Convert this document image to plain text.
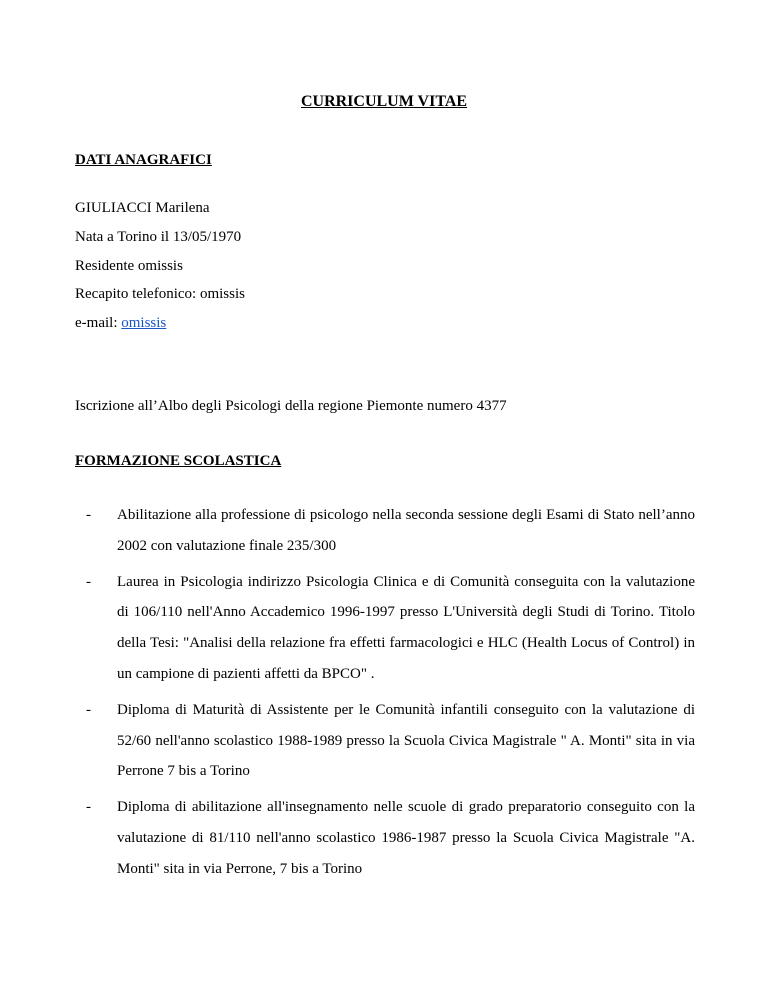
CURRICULUM VITAE
DATI ANAGRAFICI
GIULIACCI Marilena
Nata a Torino il 13/05/1970
Residente omissis
Recapito telefonico: omissis
e-mail: omissis
Iscrizione all’Albo degli Psicologi della regione Piemonte numero 4377
FORMAZIONE SCOLASTICA
- Abilitazione alla professione di psicologo nella seconda sessione degli Esami di Stato nell’anno 2002 con valutazione finale 235/300
- Laurea in Psicologia indirizzo Psicologia Clinica e di Comunità conseguita con la valutazione di 106/110 nell'Anno Accademico 1996-1997 presso L'Università degli Studi di Torino. Titolo della Tesi: "Analisi della relazione fra effetti farmacologici e HLC (Health Locus of Control) in un campione di pazienti affetti da BPCO" .
- Diploma di Maturità di Assistente per le Comunità infantili conseguito con la valutazione di 52/60 nell'anno scolastico 1988-1989 presso la Scuola Civica Magistrale " A. Monti" sita in via Perrone 7 bis a Torino
- Diploma di abilitazione all'insegnamento nelle scuole di grado preparatorio conseguito con la valutazione di 81/110 nell'anno scolastico 1986-1987 presso la Scuola Civica Magistrale "A. Monti" sita in via Perrone, 7 bis a Torino
